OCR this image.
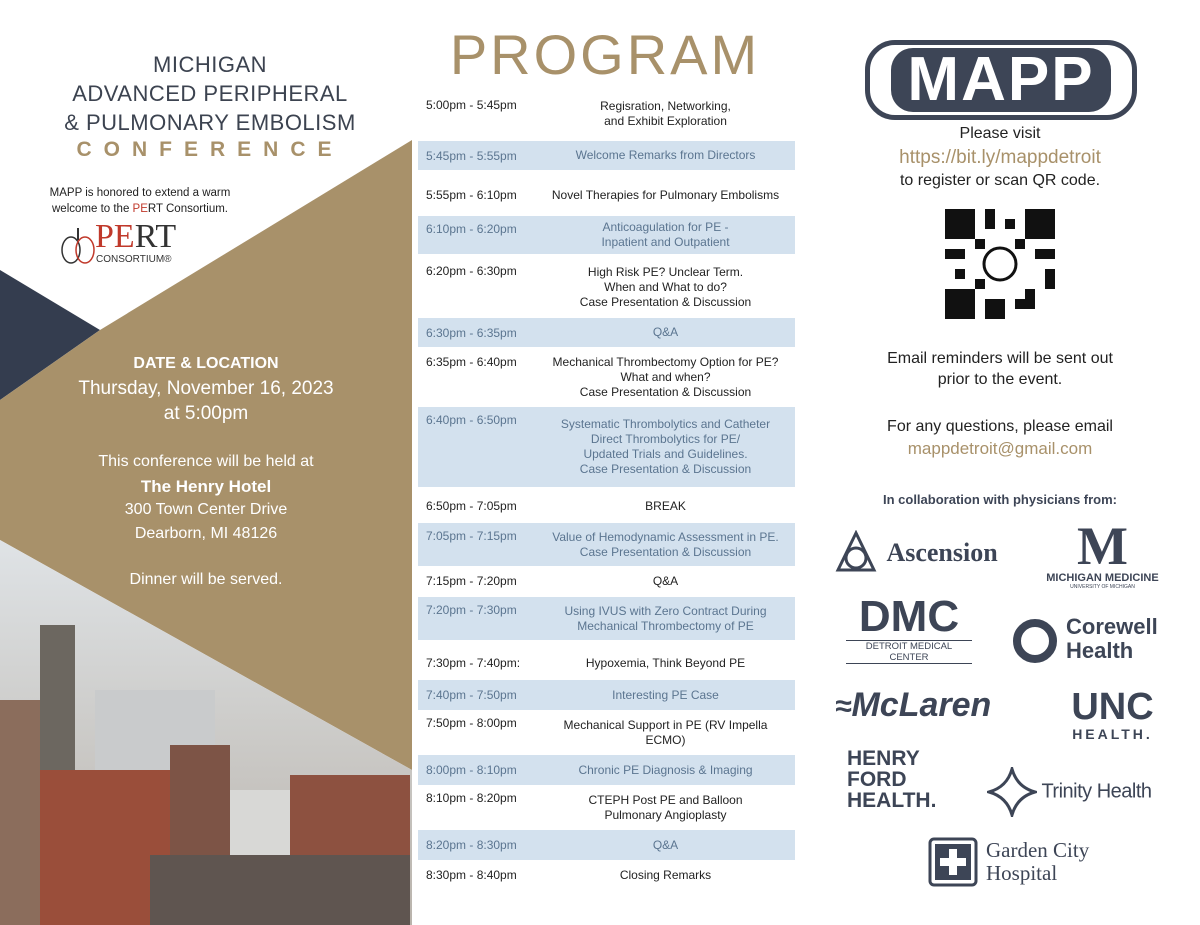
MICHIGAN
ADVANCED PERIPHERAL
& PULMONARY EMBOLISM
CONFERENCE
MAPP is honored to extend a warm
welcome to the PERT Consortium.
PERT
CONSORTIUM®
DATE & LOCATION
Thursday, November 16, 2023
at 5:00pm
This conference will be held at
The Henry Hotel
300 Town Center Drive
Dearborn, MI 48126
Dinner will be served.
PROGRAM
5:00pm - 5:45pm	Regisration, Networking,
and Exhibit Exploration
5:45pm - 5:55pm	Welcome Remarks from Directors
5:55pm - 6:10pm	Novel Therapies for Pulmonary Embolisms
6:10pm - 6:20pm	Anticoagulation for PE -
Inpatient and Outpatient
6:20pm - 6:30pm	High Risk PE? Unclear Term.
When and What to do?
Case Presentation & Discussion
6:30pm - 6:35pm	Q&A
6:35pm - 6:40pm	Mechanical Thrombectomy Option for PE?
What and when?
Case Presentation & Discussion
6:40pm - 6:50pm	Systematic Thrombolytics and Catheter
Direct Thrombolytics for PE/
Updated Trials and Guidelines.
Case Presentation & Discussion
6:50pm - 7:05pm	BREAK
7:05pm - 7:15pm	Value of Hemodynamic Assessment in PE.
Case Presentation & Discussion
7:15pm - 7:20pm	Q&A
7:20pm - 7:30pm	Using IVUS with Zero Contract During
Mechanical Thrombectomy of PE
7:30pm - 7:40pm:	Hypoxemia, Think Beyond PE
7:40pm - 7:50pm	Interesting PE Case
7:50pm - 8:00pm	Mechanical Support in PE (RV Impella
ECMO)
8:00pm - 8:10pm	Chronic PE Diagnosis & Imaging
8:10pm - 8:20pm	CTEPH Post PE and Balloon
Pulmonary Angioplasty
8:20pm - 8:30pm	Q&A
8:30pm - 8:40pm	Closing Remarks
MAPP
Please visit
https://bit.ly/mappdetroit
to register or scan QR code.
Email reminders will be sent out
prior to the event.
For any questions, please email
mappdetroit@gmail.com
In collaboration with physicians from:
Ascension	M
MICHIGAN MEDICINE
UNIVERSITY OF MICHIGAN
DMC
DETROIT MEDICAL CENTER
Corewell
Health
≈McLaren UNC
HEALTH.
HENRY
FORD
HEALTH.	Trinity Health
Garden City
Hospital
